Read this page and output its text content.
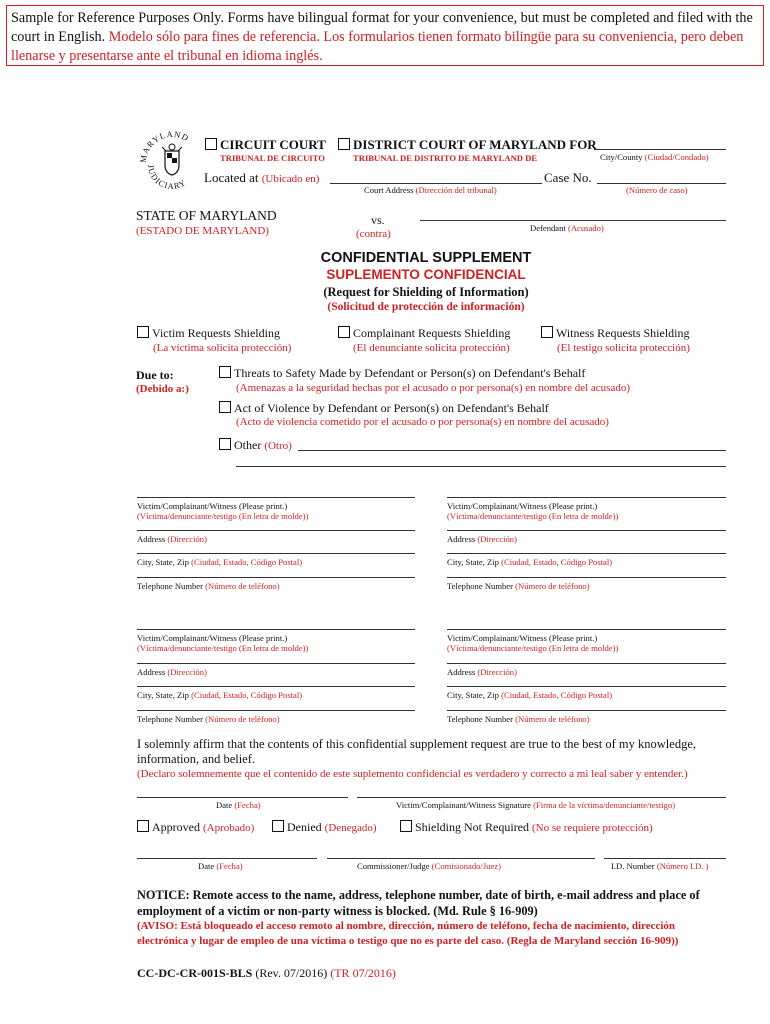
Sample for Reference Purposes Only. Forms have bilingual format for your convenience, but must be completed and filed with the court in English. Modelo sólo para fines de referencia. Los formularios tienen formato bilingüe para su conveniencia, pero deben llenarse y presentarse ante el tribunal en idioma inglés.
MARYLAND
JUDICIARY
CIRCUIT COURT
TRIBUNAL DE CIRCUITO
DISTRICT COURT OF MARYLAND FOR
TRIBUNAL DE DISTRITO DE MARYLAND DE	City/County (Ciudad/Condado)
Located at (Ubicado en)
Court Address (Dirección del tribunal)
Case No.
(Número de caso)
STATE OF MARYLAND
(ESTADO DE MARYLAND)
vs.
(contra)	Defendant (Acusado)
CONFIDENTIAL SUPPLEMENT
SUPLEMENTO CONFIDENCIAL
(Request for Shielding of Information)
(Solicitud de protección de información)
Victim Requests Shielding
(La víctima solicita protección)
Complainant Requests Shielding
(El denunciante solicita protección)
Witness Requests Shielding
(El testigo solicita protección)
Due to:
(Debido a:)
Threats to Safety Made by Defendant or Person(s) on Defendant's Behalf
(Amenazas a la seguridad hechas por el acusado o por persona(s) en nombre del acusado)
Act of Violence by Defendant or Person(s) on Defendant's Behalf
(Acto de violencia cometido por el acusado o por persona(s) en nombre del acusado)
Other (Otro)
Victim/Complainant/Witness (Please print.)
(Víctima/denunciante/testigo (En letra de molde))
Address (Dirección)
City, State, Zip (Ciudad, Estado, Código Postal)
Telephone Number (Número de teléfono)
Victim/Complainant/Witness (Please print.)
(Víctima/denunciante/testigo (En letra de molde))
Address (Dirección)
City, State, Zip (Ciudad, Estado, Código Postal)
Telephone Number (Número de teléfono)
Victim/Complainant/Witness (Please print.)
(Víctima/denunciante/testigo (En letra de molde))
Address (Dirección)
City, State, Zip (Ciudad, Estado, Código Postal)
Telephone Number (Número de teléfono)
Victim/Complainant/Witness (Please print.)
(Víctima/denunciante/testigo (En letra de molde))
Address (Dirección)
City, State, Zip (Ciudad, Estado, Código Postal)
Telephone Number (Número de teléfono)
I solemnly affirm that the contents of this confidential supplement request are true to the best of my knowledge, information, and belief.
(Declaro solemnemente que el contenido de este suplemento confidencial es verdadero y correcto a mi leal saber y entender.)
Date (Fecha)	Victim/Complainant/Witness Signature (Firma de la víctima/denunciante/testigo)
Approved (Aprobado)	Denied (Denegado)	Shielding Not Required (No se requiere protección)
Date (Fecha)	Commissioner/Judge (Comisionado/Juez)	I.D. Number (Número I.D. )
NOTICE: Remote access to the name, address, telephone number, date of birth, e-mail address and place of employment of a victim or non-party witness is blocked. (Md. Rule § 16-909)
(AVISO: Está bloqueado el acceso remoto al nombre, dirección, número de teléfono, fecha de nacimiento, dirección electrónica y lugar de empleo de una víctima o testigo que no es parte del caso. (Regla de Maryland sección 16-909))
CC-DC-CR-001S-BLS (Rev. 07/2016) (TR 07/2016)
